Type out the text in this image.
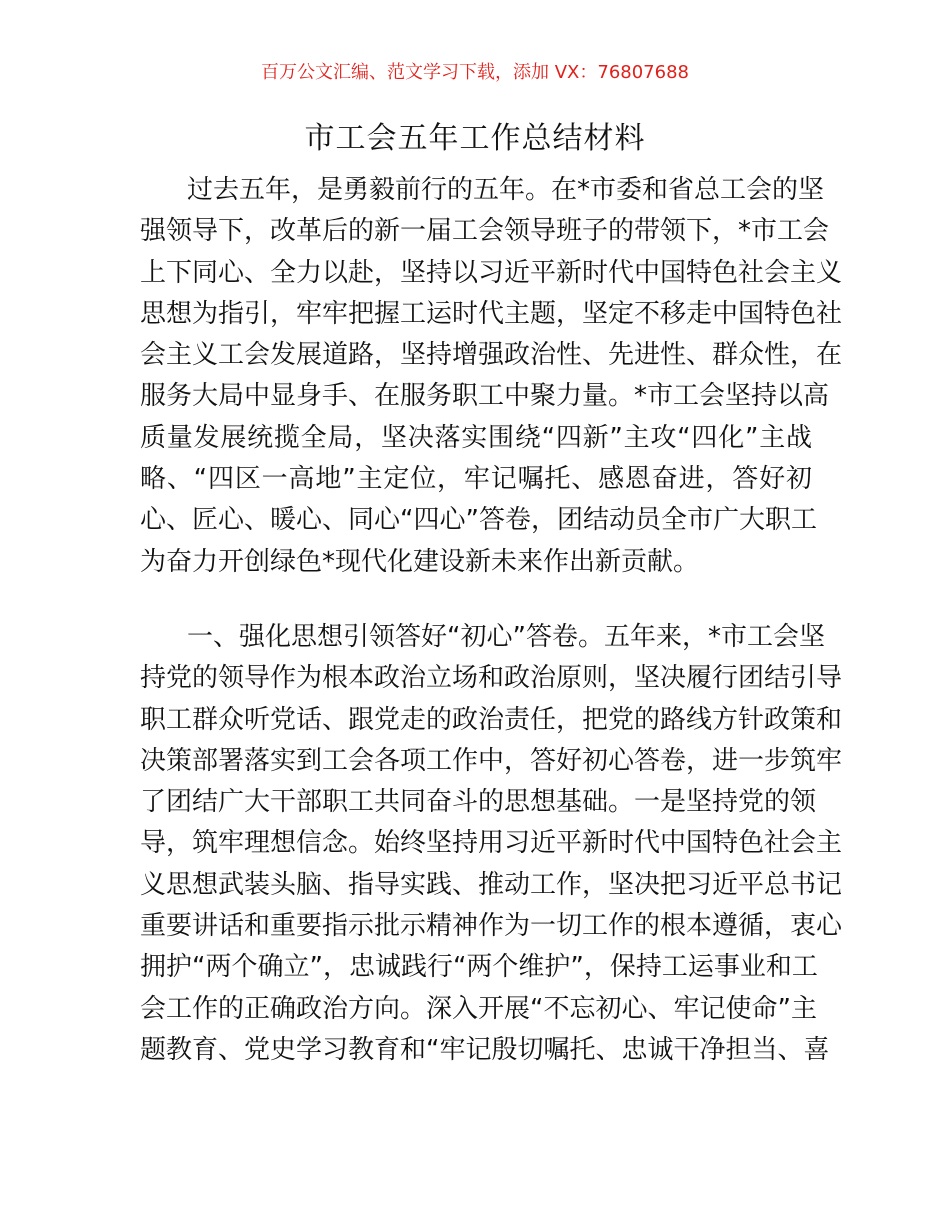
百万公文汇编、范文学习下载，添加 VX：76807688
市工会五年工作总结材料
过去五年，是勇毅前行的五年。在*市委和省总工会的坚
强领导下，改革后的新一届工会领导班子的带领下，*市工会
上下同心、全力以赴，坚持以习近平新时代中国特色社会主义
思想为指引，牢牢把握工运时代主题，坚定不移走中国特色社
会主义工会发展道路，坚持增强政治性、先进性、群众性，在
服务大局中显身手、在服务职工中聚力量。*市工会坚持以高
质量发展统揽全局，坚决落实围绕“四新”主攻“四化”主战
略、“四区一高地”主定位，牢记嘱托、感恩奋进，答好初
心、匠心、暖心、同心“四心”答卷，团结动员全市广大职工
为奋力开创绿色*现代化建设新未来作出新贡献。
一、强化思想引领答好“初心”答卷。五年来，*市工会坚
持党的领导作为根本政治立场和政治原则，坚决履行团结引导
职工群众听党话、跟党走的政治责任，把党的路线方针政策和
决策部署落实到工会各项工作中，答好初心答卷，进一步筑牢
了团结广大干部职工共同奋斗的思想基础。一是坚持党的领
导，筑牢理想信念。始终坚持用习近平新时代中国特色社会主
义思想武装头脑、指导实践、推动工作，坚决把习近平总书记
重要讲话和重要指示批示精神作为一切工作的根本遵循，衷心
拥护“两个确立”，忠诚践行“两个维护”，保持工运事业和工
会工作的正确政治方向。深入开展“不忘初心、牢记使命”主
题教育、党史学习教育和“牢记殷切嘱托、忠诚干净担当、喜
